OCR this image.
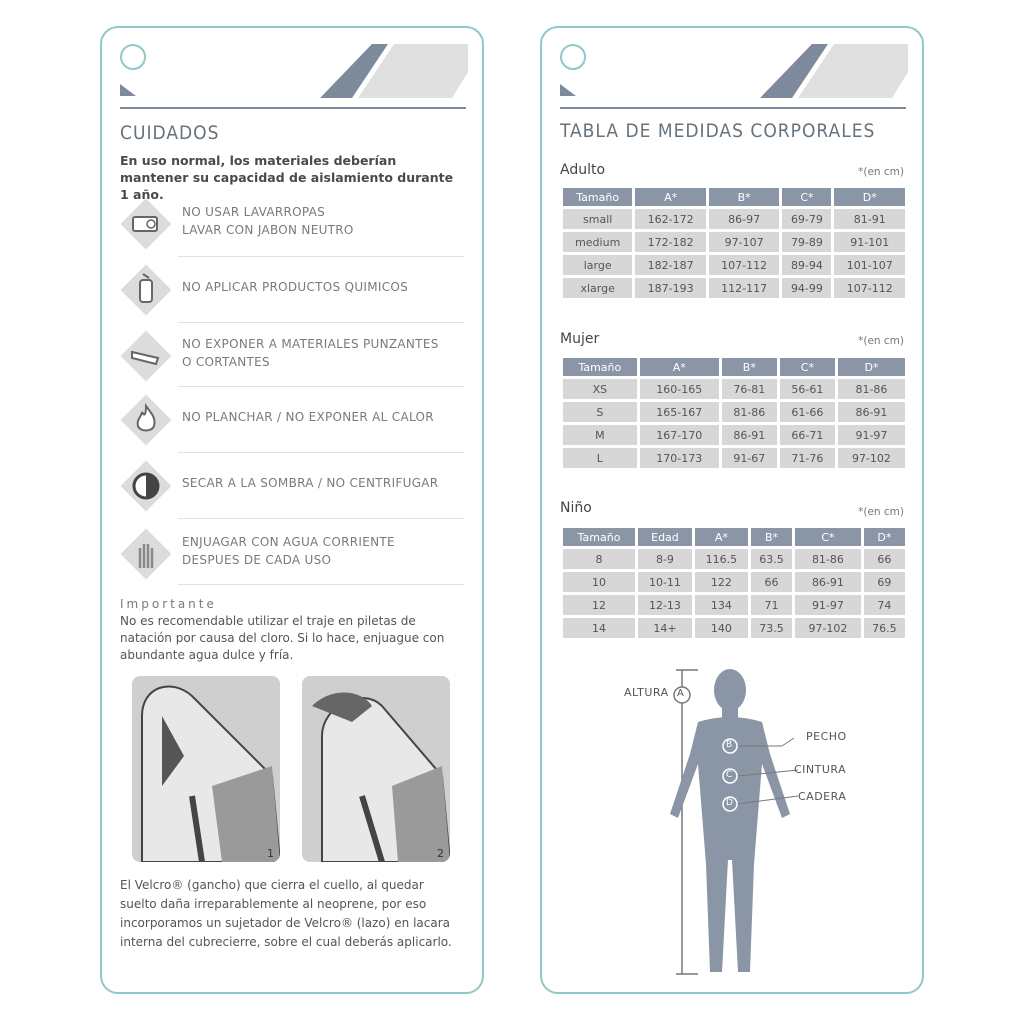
CUIDADOS
En uso normal, los materiales deberían mantener su capacidad de aislamiento durante 1 año.
NO USAR LAVARROPAS
LAVAR CON JABON NEUTRO
NO APLICAR PRODUCTOS QUIMICOS
NO EXPONER A MATERIALES PUNZANTES
O CORTANTES
NO PLANCHAR / NO EXPONER AL CALOR
SECAR A LA SOMBRA / NO CENTRIFUGAR
ENJUAGAR CON AGUA CORRIENTE
DESPUES DE CADA USO
Importante
No es recomendable utilizar el traje en piletas de natación por causa del cloro. Si lo hace, enjuague con abundante agua dulce y fría.
1	2
El Velcro® (gancho) que cierra el cuello, al quedar suelto daña irreparablemente al neoprene, por eso incorporamos un sujetador de Velcro® (lazo) en lacara interna del cubrecierre, sobre el cual deberás aplicarlo.
TABLA DE MEDIDAS CORPORALES
Adulto	*(en cm)
Tamaño	A*	B*	C*	D*
small	162-172	86-97	69-79	81-91
medium	172-182	97-107	79-89	91-101
large	182-187	107-112	89-94	101-107
xlarge	187-193	112-117	94-99	107-112
Mujer	*(en cm)
Tamaño	A*	B*	C*	D*
XS	160-165	76-81	56-61	81-86
S	165-167	81-86	61-66	86-91
M	167-170	86-91	66-71	91-97
L	170-173	91-67	71-76	97-102
Niño	*(en cm)
Tamaño	Edad	A*	B*	C*	D*
8	8-9	116.5	63.5	81-86	66
10	10-11	122	66	86-91	69
12	12-13	134	71	91-97	74
14	14+	140	73.5	97-102	76.5
ALTURA A
B
C
D
PECHO
CINTURA
CADERA
